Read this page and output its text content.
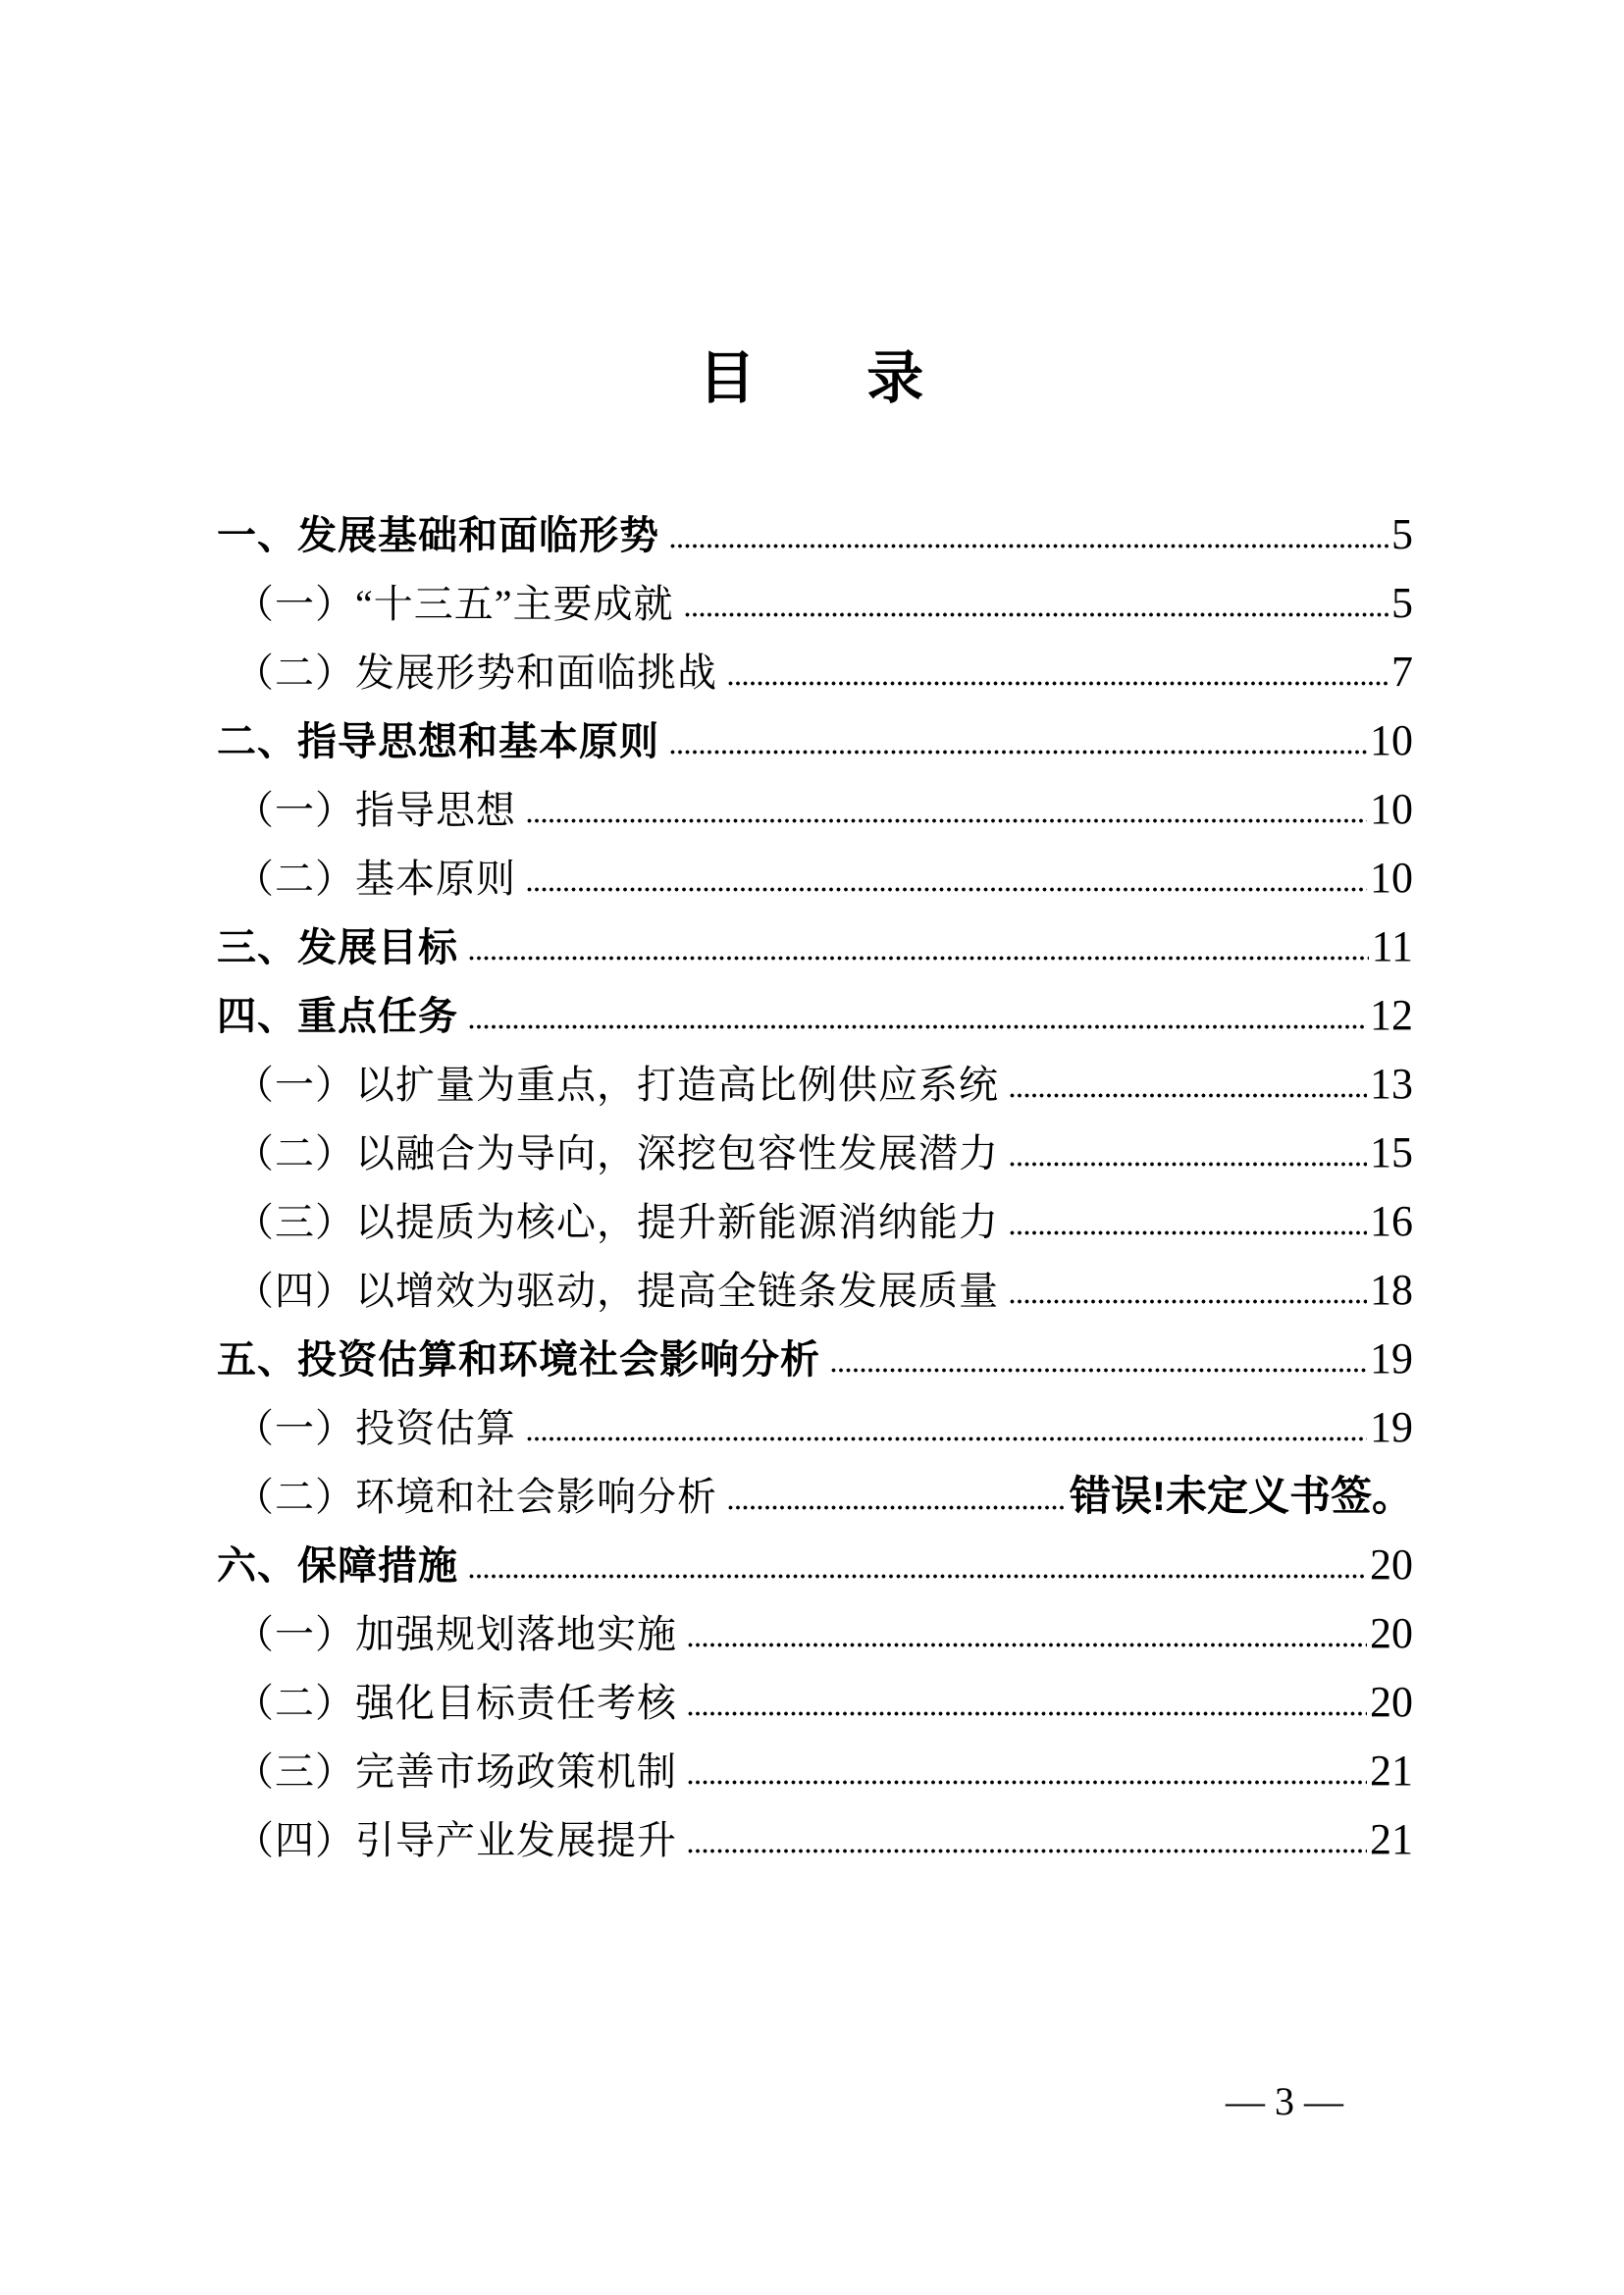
目 录
一、发展基础和面临形势	5
（一）“十三五”主要成就	5
（二）发展形势和面临挑战	7
二、指导思想和基本原则	10
（一）指导思想	10
（二）基本原则	10
三、发展目标	11
四、重点任务	12
（一）以扩量为重点，打造高比例供应系统	13
（二）以融合为导向，深挖包容性发展潜力	15
（三）以提质为核心，提升新能源消纳能力	16
（四）以增效为驱动，提高全链条发展质量	18
五、投资估算和环境社会影响分析	19
（一）投资估算	19
（二）环境和社会影响分析	错误!未定义书签。
六、保障措施	20
（一）加强规划落地实施	20
（二）强化目标责任考核	20
（三）完善市场政策机制	21
（四）引导产业发展提升	21
— 3 —
